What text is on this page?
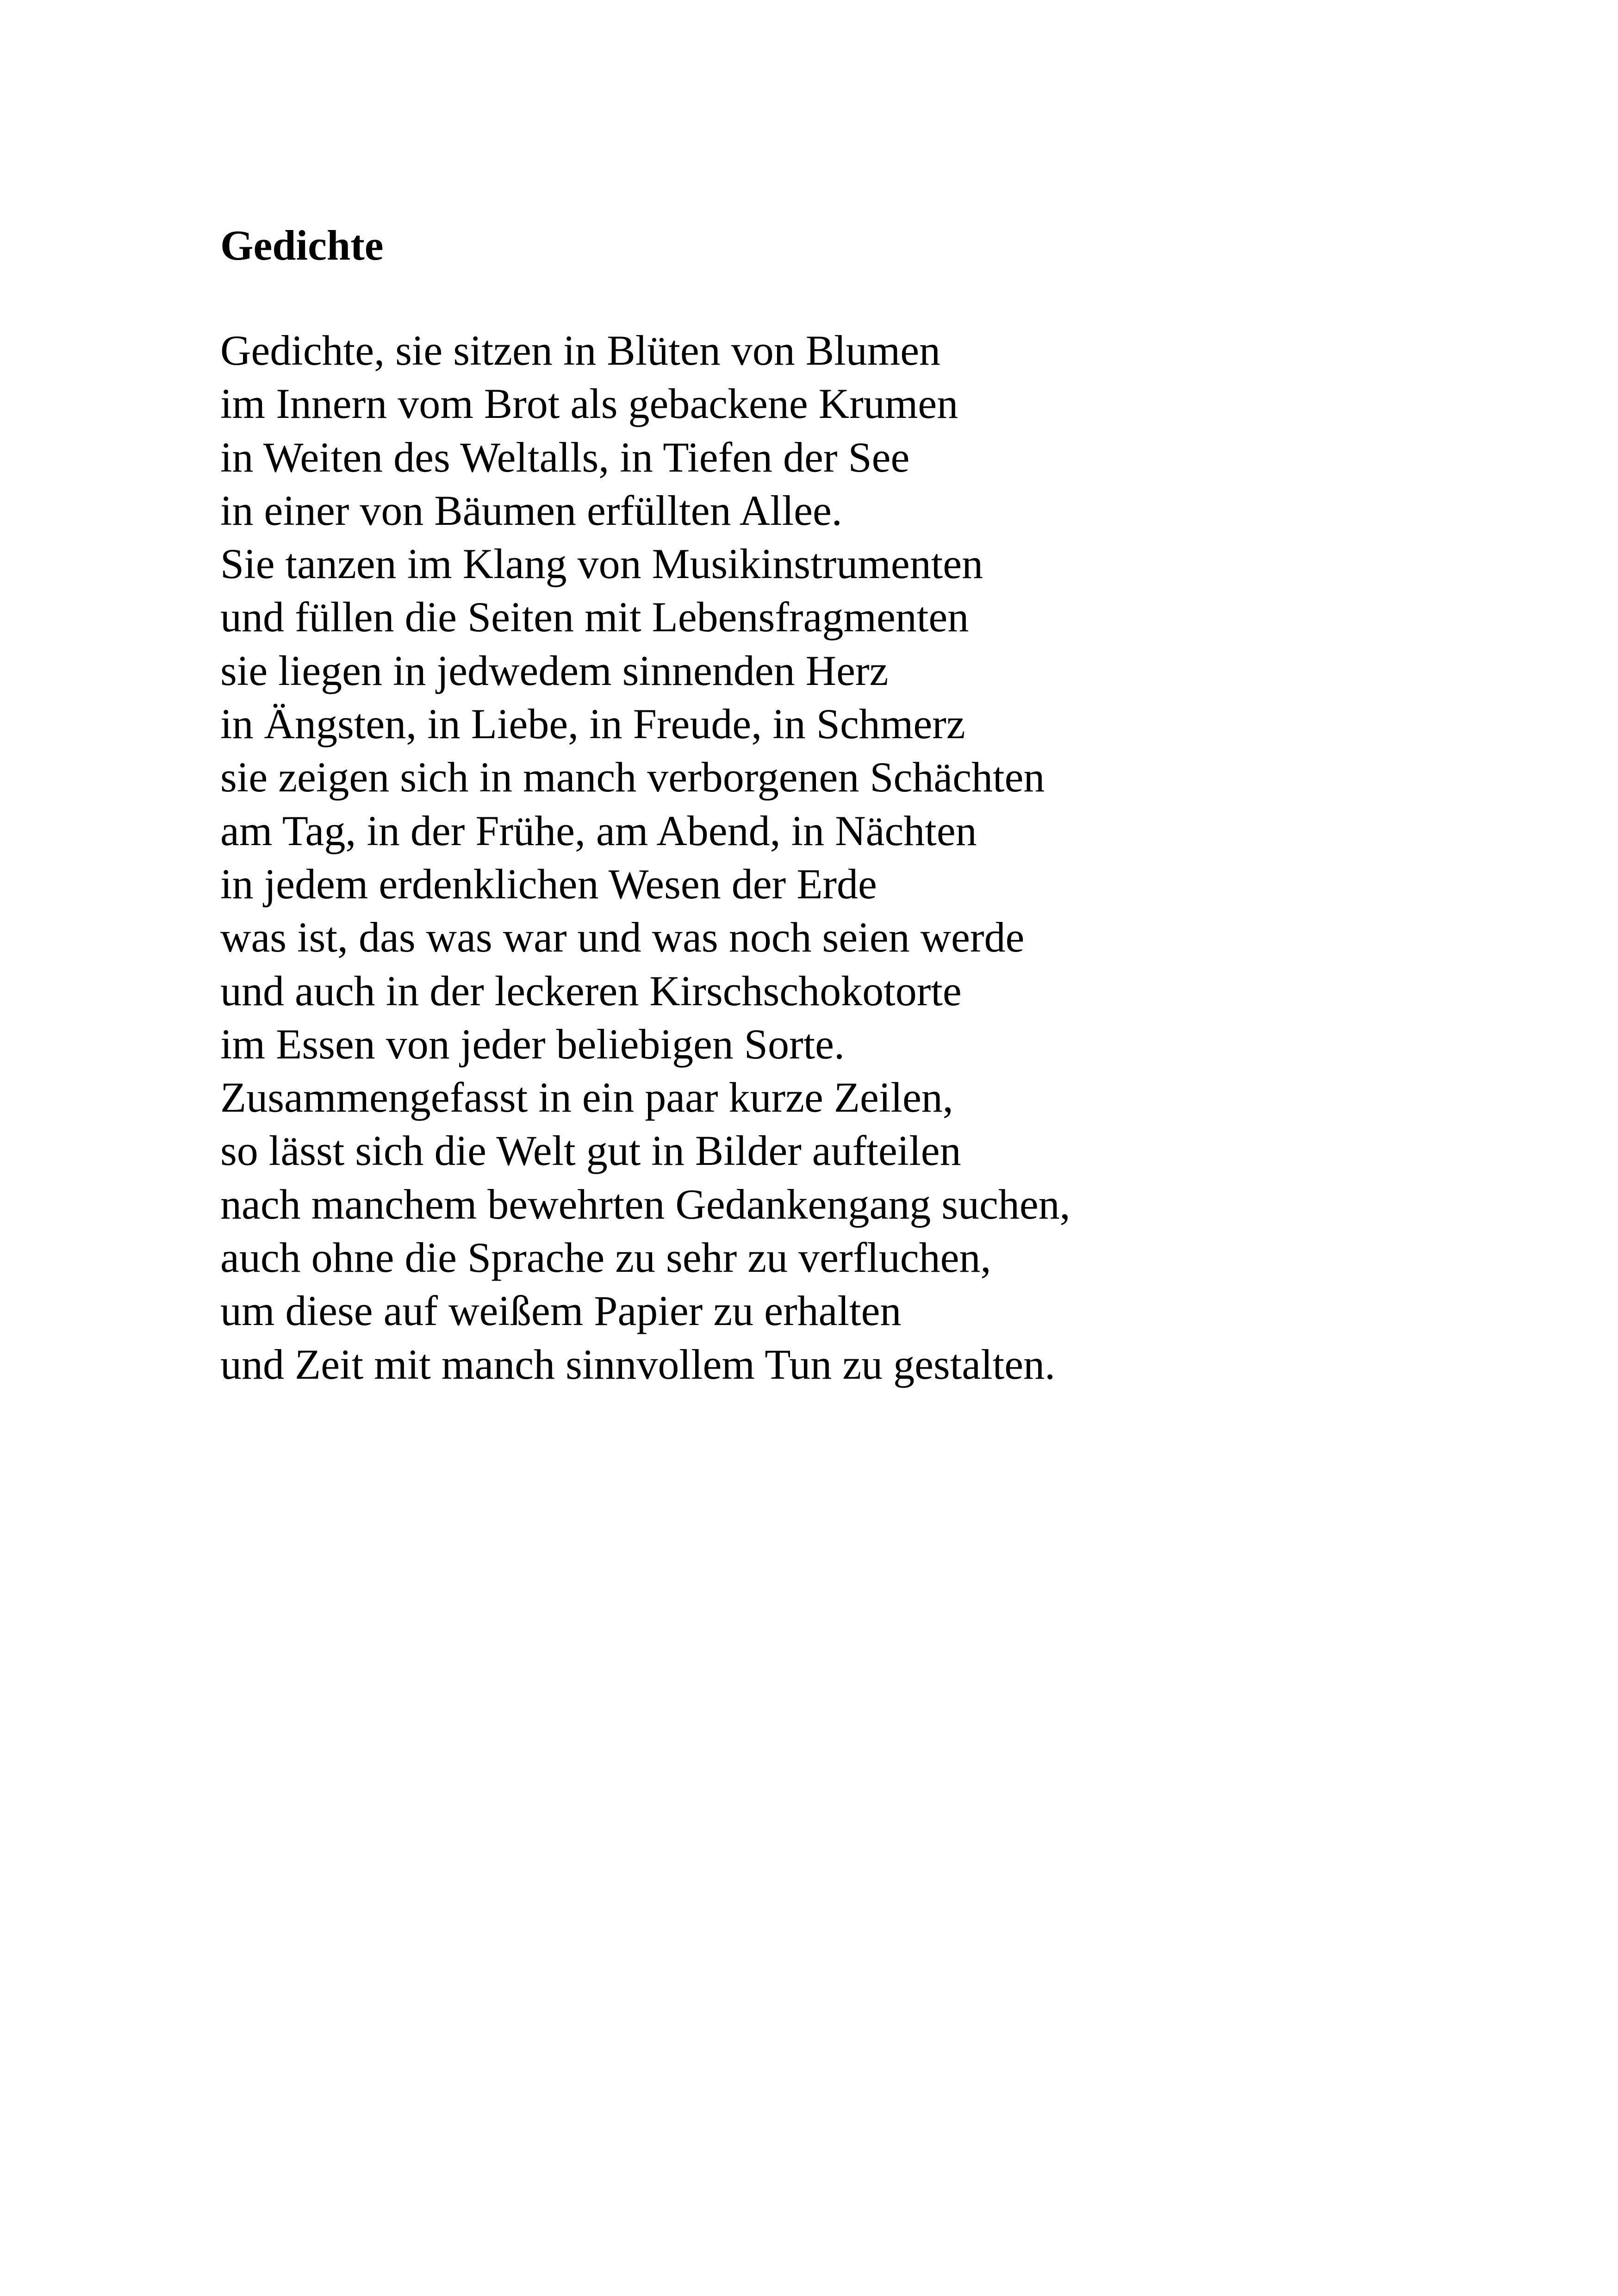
Gedichte
Gedichte, sie sitzen in Blüten von Blumen
im Innern vom Brot als gebackene Krumen
in Weiten des Weltalls, in Tiefen der See
in einer von Bäumen erfüllten Allee.
Sie tanzen im Klang von Musikinstrumenten
und füllen die Seiten mit Lebensfragmenten
sie liegen in jedwedem sinnenden Herz
in Ängsten, in Liebe, in Freude, in Schmerz
sie zeigen sich in manch verborgenen Schächten
am Tag, in der Frühe, am Abend, in Nächten
in jedem erdenklichen Wesen der Erde
was ist, das was war und was noch seien werde
und auch in der leckeren Kirschschokotorte
im Essen von jeder beliebigen Sorte.
Zusammengefasst in ein paar kurze Zeilen,
so lässt sich die Welt gut in Bilder aufteilen
nach manchem bewehrten Gedankengang suchen,
auch ohne die Sprache zu sehr zu verfluchen,
um diese auf weißem Papier zu erhalten
und Zeit mit manch sinnvollem Tun zu gestalten.
